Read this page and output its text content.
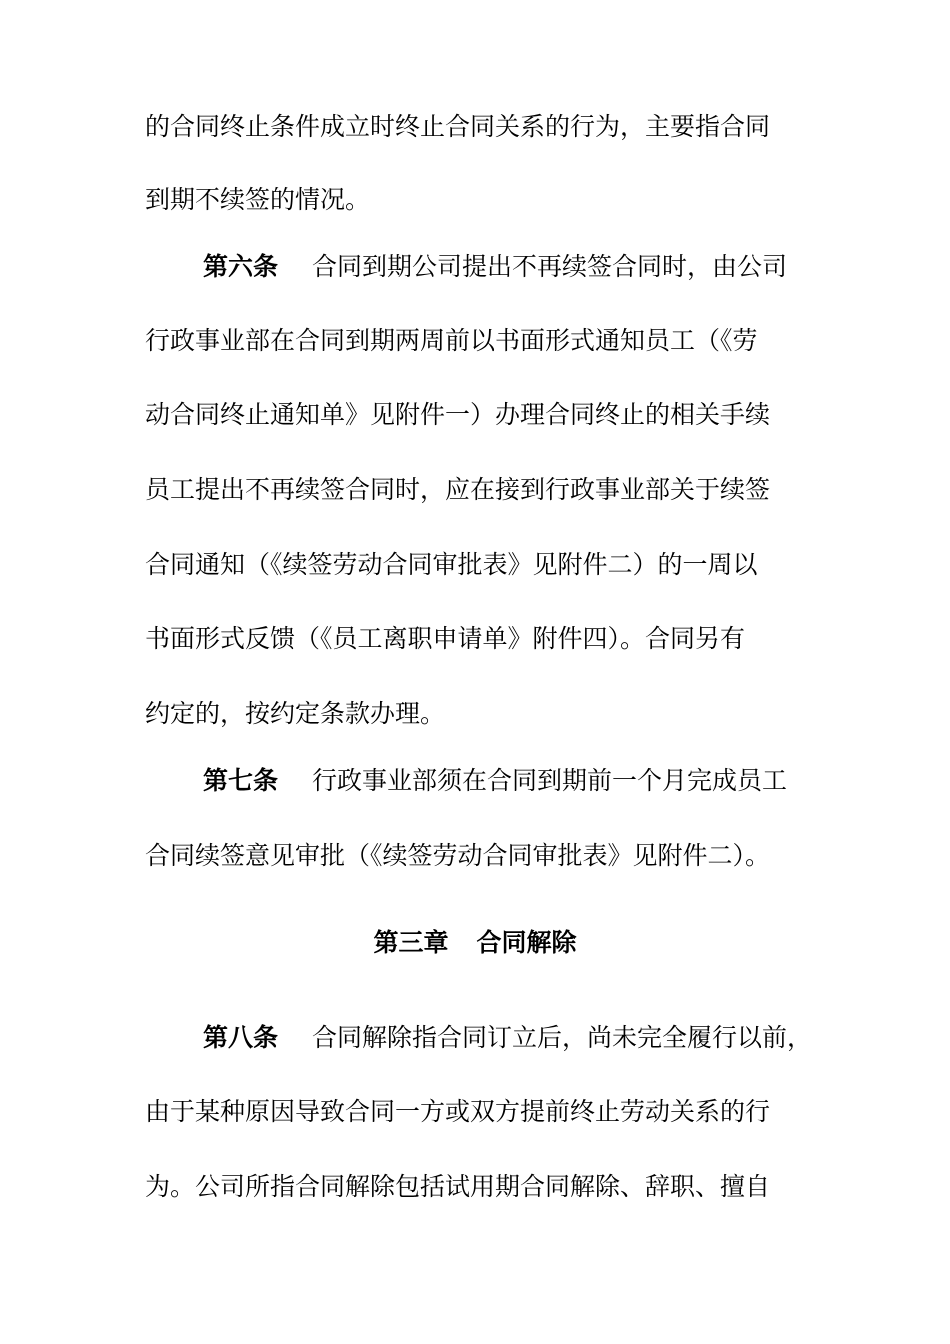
的合同终止条件成立时终止合同关系的行为，主要指合同
到期不续签的情况。
第六条 合同到期公司提出不再续签合同时，由公司
行政事业部在合同到期两周前以书面形式通知员工（《劳
动合同终止通知单》见附件一）办理合同终止的相关手续
员工提出不再续签合同时，应在接到行政事业部关于续签
合同通知（《续签劳动合同审批表》见附件二）的一周以
书面形式反馈（《员工离职申请单》附件四）。合同另有
约定的，按约定条款办理。
第七条 行政事业部须在合同到期前一个月完成员工
合同续签意见审批（《续签劳动合同审批表》见附件二）。
第三章 合同解除
第八条 合同解除指合同订立后，尚未完全履行以前，
由于某种原因导致合同一方或双方提前终止劳动关系的行
为。公司所指合同解除包括试用期合同解除、辞职、擅自
